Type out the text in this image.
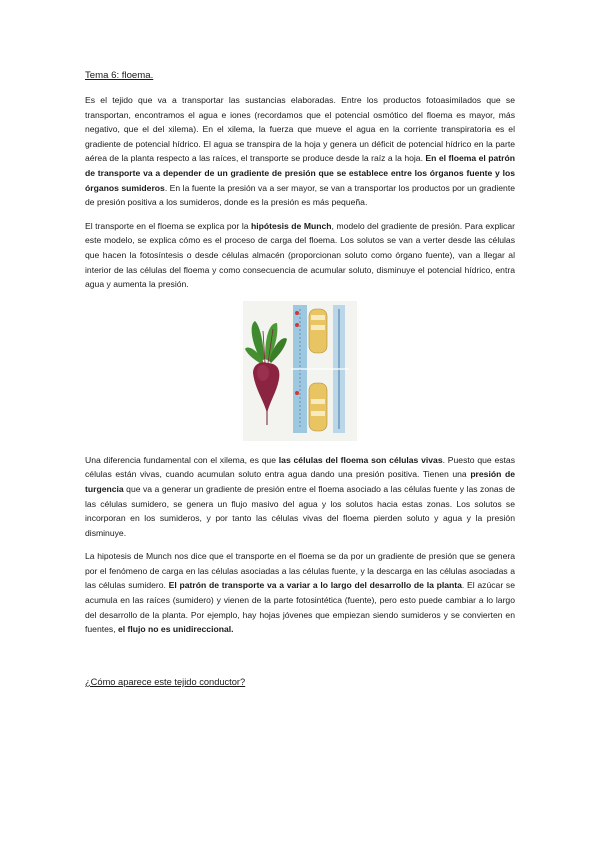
Tema 6: floema.

Es el tejido que va a transportar las sustancias elaboradas. Entre los productos fotoasimilados que se transportan, encontramos el agua e iones (recordamos que el potencial osmótico del floema es mayor, más negativo, que el del xilema). En el xilema, la fuerza que mueve el agua en la corriente transpiratoria es el gradiente de potencial hídrico. El agua se transpira de la hoja y genera un déficit de potencial hídrico en la parte aérea de la planta respecto a las raíces, el transporte se produce desde la raíz a la hoja. En el floema el patrón de transporte va a depender de un gradiente de presión que se establece entre los órganos fuente y los órganos sumideros. En la fuente la presión va a ser mayor, se van a transportar los productos por un gradiente de presión positiva a los sumideros, donde es la presión es más pequeña.

El transporte en el floema se explica por la hipótesis de Munch, modelo del gradiente de presión. Para explicar este modelo, se explica cómo es el proceso de carga del floema. Los solutos se van a verter desde las células que hacen la fotosíntesis o desde células almacén (proporcionan soluto como órgano fuente), van a llegar al interior de las células del floema y como consecuencia de acumular soluto, disminuye el potencial hídrico, entra agua y aumenta la presión.

Una diferencia fundamental con el xilema, es que las células del floema son células vivas. Puesto que estas células están vivas, cuando acumulan soluto entra agua dando una presión positiva. Tienen una presión de turgencia que va a generar un gradiente de presión entre el floema asociado a las células fuente y las zonas de las células sumidero, se genera un flujo masivo del agua y los solutos hacia estas zonas. Los solutos se incorporan en los sumideros, y por tanto las células vivas del floema pierden soluto y agua y la presión disminuye.

La hipotesis de Munch nos dice que el transporte en el floema se da por un gradiente de presión que se genera por el fenómeno de carga en las células asociadas a las células fuente, y la descarga en las células asociadas a las células sumidero. El patrón de transporte va a variar a lo largo del desarrollo de la planta. El azúcar se acumula en las raíces (sumidero) y vienen de la parte fotosintética (fuente), pero esto puede cambiar a lo largo del desarrollo de la planta. Por ejemplo, hay hojas jóvenes que empiezan siendo sumideros y se convierten en fuentes, el flujo no es unidireccional.

¿Cómo aparece este tejido conductor?
